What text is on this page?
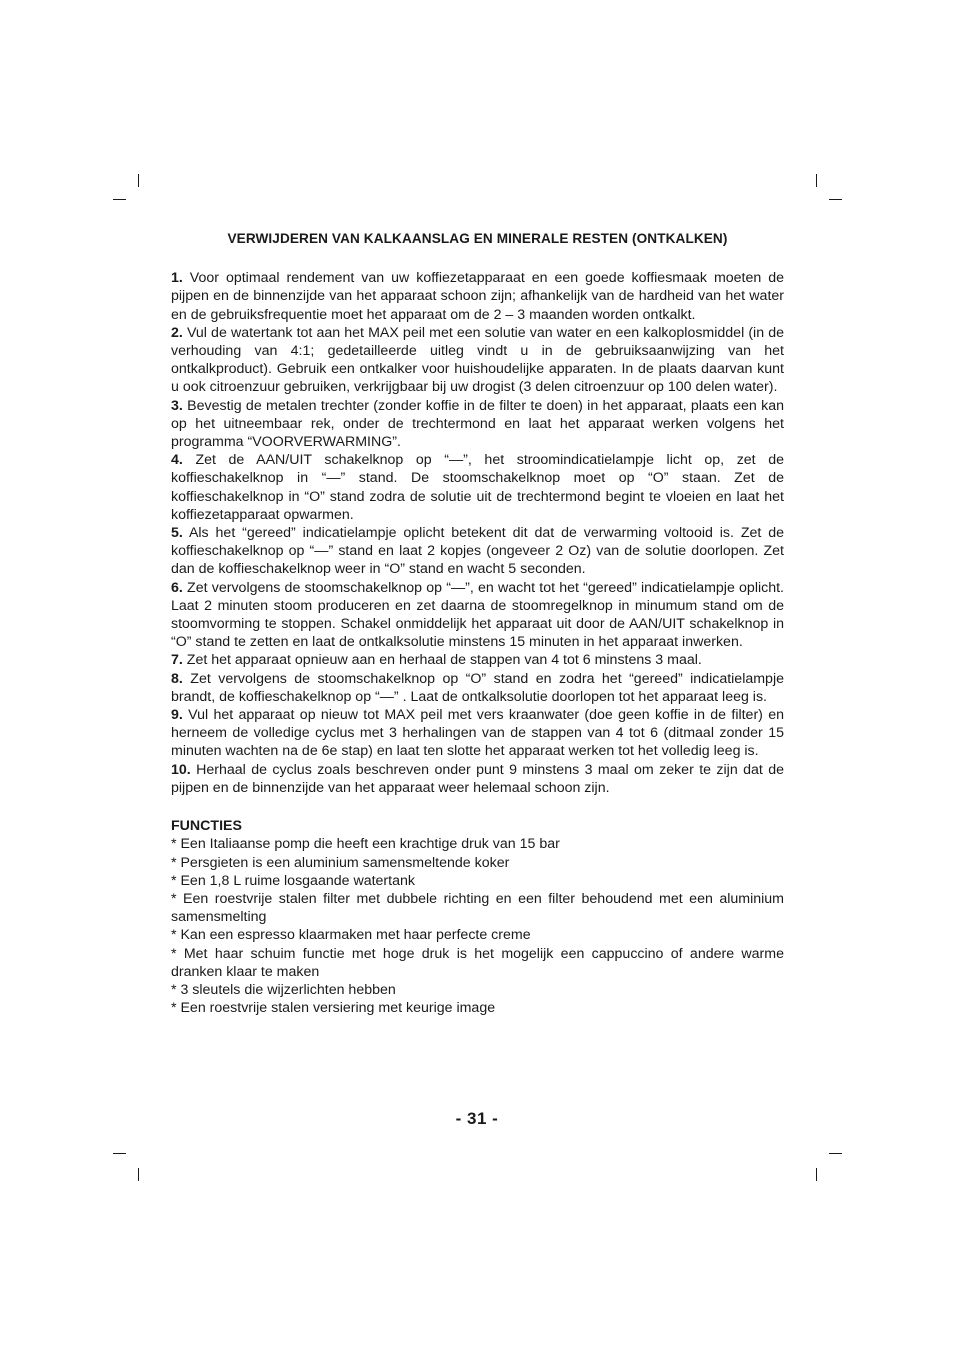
VERWIJDEREN VAN KALKAANSLAG EN MINERALE RESTEN (ONTKALKEN)

1. Voor optimaal rendement van uw koffiezetapparaat en een goede koffiesmaak moeten de pijpen en de binnenzijde van het apparaat schoon zijn; afhankelijk van de hardheid van het water en de gebruiksfrequentie moet het apparaat om de 2 – 3 maanden worden ontkalkt.

2. Vul de watertank tot aan het MAX peil met een solutie van water en een kalkoplosmiddel (in de verhouding van 4:1; gedetailleerde uitleg vindt u in de gebruiksaanwijzing van het ontkalkproduct). Gebruik een ontkalker voor huishoudelijke apparaten. In de plaats daarvan kunt u ook citroenzuur gebruiken, verkrijgbaar bij uw drogist (3 delen citroenzuur op 100 delen water).

3. Bevestig de metalen trechter (zonder koffie in de filter te doen) in het apparaat, plaats een kan op het uitneembaar rek, onder de trechtermond en laat het apparaat werken volgens het programma “VOORVERWARMING”.

4. Zet de AAN/UIT schakelknop op “—”, het stroomindicatielampje licht op, zet de koffieschakelknop in “—” stand. De stoomschakelknop moet op “O” staan. Zet de koffieschakelknop in “O” stand zodra de solutie uit de trechtermond begint te vloeien en laat het koffiezetapparaat opwarmen.

5. Als het “gereed” indicatielampje oplicht betekent dit dat de verwarming voltooid is. Zet de koffieschakelknop op “—” stand en laat 2 kopjes (ongeveer 2 Oz) van de solutie doorlopen. Zet dan de koffieschakelknop weer in “O” stand en wacht 5 seconden.

6. Zet vervolgens de stoomschakelknop op “—”, en wacht tot het “gereed” indicatielampje oplicht. Laat 2 minuten stoom produceren en zet daarna de stoomregelknop in minumum stand om de stoomvorming te stoppen. Schakel onmiddelijk het apparaat uit door de AAN/UIT schakelknop in “O” stand te zetten en laat de ontkalksolutie minstens 15 minuten in het apparaat inwerken.

7. Zet het apparaat opnieuw aan en herhaal de stappen van 4 tot 6 minstens 3 maal.

8. Zet vervolgens de stoomschakelknop op “O” stand en zodra het “gereed” indicatielampje brandt, de koffieschakelknop op “—” . Laat de ontkalksolutie doorlopen tot het apparaat leeg is.

9. Vul het apparaat op nieuw tot MAX peil met vers kraanwater (doe geen koffie in de filter) en herneem de volledige cyclus met 3 herhalingen van de stappen van 4 tot 6 (ditmaal zonder 15 minuten wachten na de 6e stap) en laat ten slotte het apparaat werken tot het volledig leeg is.

10. Herhaal de cyclus zoals beschreven onder punt 9 minstens 3 maal om zeker te zijn dat de pijpen en de binnenzijde van het apparaat weer helemaal schoon zijn.

FUNCTIES

* Een Italiaanse pomp die heeft een krachtige druk van 15 bar

* Persgieten is een aluminium samensmeltende koker

* Een 1,8 L ruime losgaande watertank

* Een roestvrije stalen filter met dubbele richting en een filter behoudend met een aluminium samensmelting

* Kan een espresso klaarmaken met haar perfecte creme

* Met haar schuim functie met hoge druk is het mogelijk een cappuccino of andere warme dranken klaar te maken

* 3 sleutels die wijzerlichten hebben

* Een roestvrije stalen versiering met keurige image

- 31 -
